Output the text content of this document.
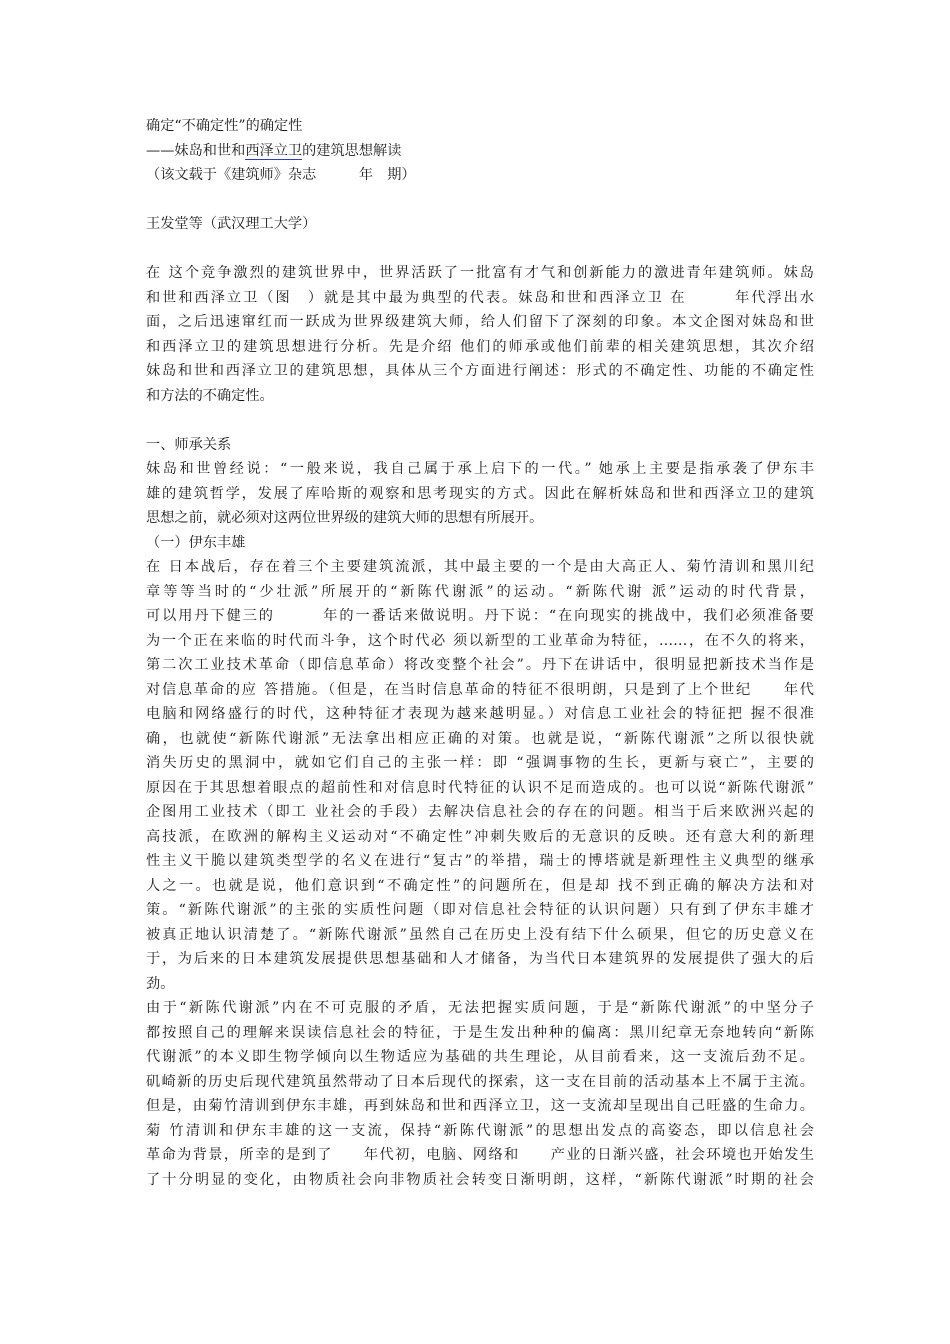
确定“不确定性”的确定性
——妹岛和世和西泽立卫的建筑思想解读
（该文载于《建筑师》杂志　　　年　期）
王发堂等（武汉理工大学）
在 这个竞争激烈的建筑世界中，世界活跃了一批富有才气和创新能力的激进青年建筑师。妹岛
和世和西泽立卫（图　）就是其中最为典型的代表。妹岛和世和西泽立卫 在　　　年代浮出水
面，之后迅速窜红而一跃成为世界级建筑大师，给人们留下了深刻的印象。本文企图对妹岛和世
和西泽立卫的建筑思想进行分析。先是介绍 他们的师承或他们前辈的相关建筑思想，其次介绍
妹岛和世和西泽立卫的建筑思想，具体从三个方面进行阐述：形式的不确定性、功能的不确定性
和方法的不确定性。
一、师承关系
妹岛和世曾经说：“一般来说，我自己属于承上启下的一代。” 她承上主要是指承袭了伊东丰
雄的建筑哲学，发展了库哈斯的观察和思考现实的方式。因此在解析妹岛和世和西泽立卫的建筑
思想之前，就必须对这两位世界级的建筑大师的思想有所展开。
（一）伊东丰雄
在 日本战后，存在着三个主要建筑流派，其中最主要的一个是由大高正人、菊竹清训和黑川纪
章等等当时的“少壮派”所展开的“新陈代谢派”的运动。“新陈代谢 派”运动的时代背景，
可以用丹下健三的　　　年的一番话来做说明。丹下说：“在向现实的挑战中，我们必须准备要
为一个正在来临的时代而斗争，这个时代必 须以新型的工业革命为特征，……，在不久的将来，
第二次工业技术革命（即信息革命）将改变整个社会”。丹下在讲话中，很明显把新技术当作是
对信息革命的应 答措施。（但是，在当时信息革命的特征不很明朗，只是到了上个世纪　　年代
电脑和网络盛行的时代，这种特征才表现为越来越明显。）对信息工业社会的特征把 握不很准
确，也就使“新陈代谢派”无法拿出相应正确的对策。也就是说，“新陈代谢派”之所以很快就
消失历史的黑洞中，就如它们自己的主张一样：即 “强调事物的生长，更新与衰亡”，主要的
原因在于其思想着眼点的超前性和对信息时代特征的认识不足而造成的。也可以说“新陈代谢派”
企图用工业技术（即工 业社会的手段）去解决信息社会的存在的问题。相当于后来欧洲兴起的
高技派，在欧洲的解构主义运动对“不确定性”冲刺失败后的无意识的反映。还有意大利的新理
性主义干脆以建筑类型学的名义在进行“复古”的举措，瑞士的博塔就是新理性主义典型的继承
人之一。也就是说，他们意识到“不确定性”的问题所在，但是却 找不到正确的解决方法和对
策。“新陈代谢派”的主张的实质性问题（即对信息社会特征的认识问题）只有到了伊东丰雄才
被真正地认识清楚了。“新陈代谢派”虽然自己在历史上没有结下什么硕果，但它的历史意义在
于，为后来的日本建筑发展提供思想基础和人才储备，为当代日本建筑界的发展提供了强大的后
劲。
由于“新陈代谢派”内在不可克服的矛盾，无法把握实质问题，于是“新陈代谢派”的中坚分子
都按照自己的理解来误读信息社会的特征，于是生发出种种的偏离：黑川纪章无奈地转向“新陈
代谢派”的本义即生物学倾向以生物适应为基础的共生理论，从目前看来，这一支流后劲不足。
矶崎新的历史后现代建筑虽然带动了日本后现代的探索，这一支在目前的活动基本上不属于主流。
但是，由菊竹清训到伊东丰雄，再到妹岛和世和西泽立卫，这一支流却呈现出自己旺盛的生命力。
菊 竹清训和伊东丰雄的这一支流，保持“新陈代谢派”的思想出发点的高姿态，即以信息社会
革命为背景，所幸的是到了　　年代初，电脑、网络和　　产业的日渐兴盛，社会环境也开始发生
了十分明显的变化，由物质社会向非物质社会转变日渐明朗，这样，“新陈代谢派”时期的社会
